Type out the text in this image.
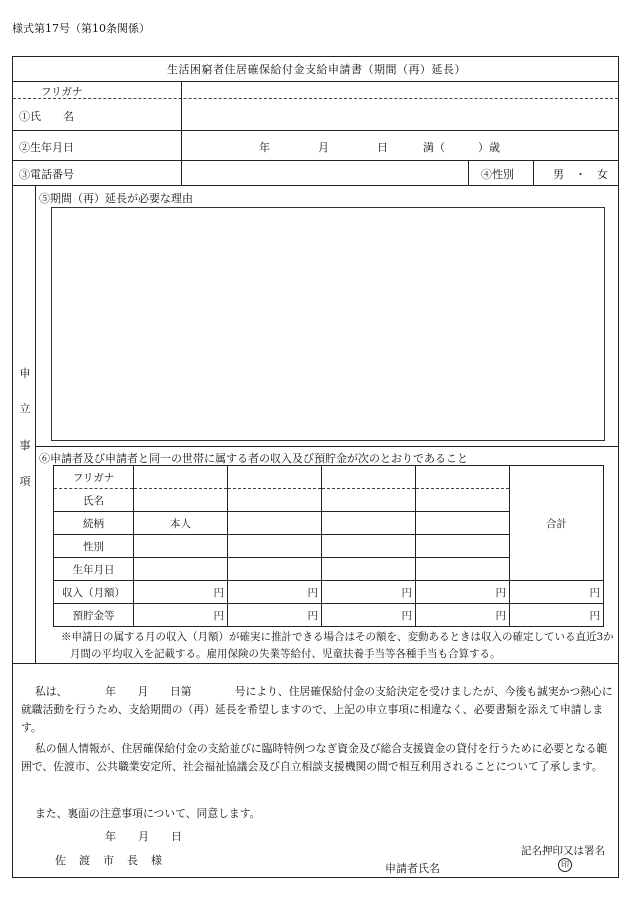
様式第17号（第10条関係）
生活困窮者住居確保給付金支給申請書（期間（再）延長）
フリガナ
①氏　　名
②生年月日	年	月	日	満（　　　）歳
③電話番号	④性別	男　・　女
申
立
事
項
⑤期間（再）延長が必要な理由
⑥申請者及び申請者と同一の世帯に属する者の収入及び預貯金が次のとおりであること
フリガナ					合計
氏名					
続柄	本人				
性別					
生年月日					
収入（月額）	円	円	円	円	円
預貯金等	円	円	円	円	円
※申請日の属する月の収入（月額）が確実に推計できる場合はその額を、変動あるときは収入の確定している直近3か月間の平均収入を記載する。雇用保険の失業等給付、児童扶養手当等各種手当も合算する。
私は、　　　　年　　月　　日第　　　　号により、住居確保給付金の支給決定を受けましたが、今後も誠実かつ熱心に就職活動を行うため、支給期間の（再）延長を希望しますので、上記の申立事項に相違なく、必要書類を添えて申請します。
私の個人情報が、住居確保給付金の支給並びに臨時特例つなぎ資金及び総合支援資金の貸付を行うために必要となる範囲で、佐渡市、公共職業安定所、社会福祉協議会及び自立相談支援機関の間で相互利用されることについて了承します。
また、裏面の注意事項について、同意します。
年　　月　　日
佐　渡　市　長　様
記名押印又は署名
印
申請者氏名
